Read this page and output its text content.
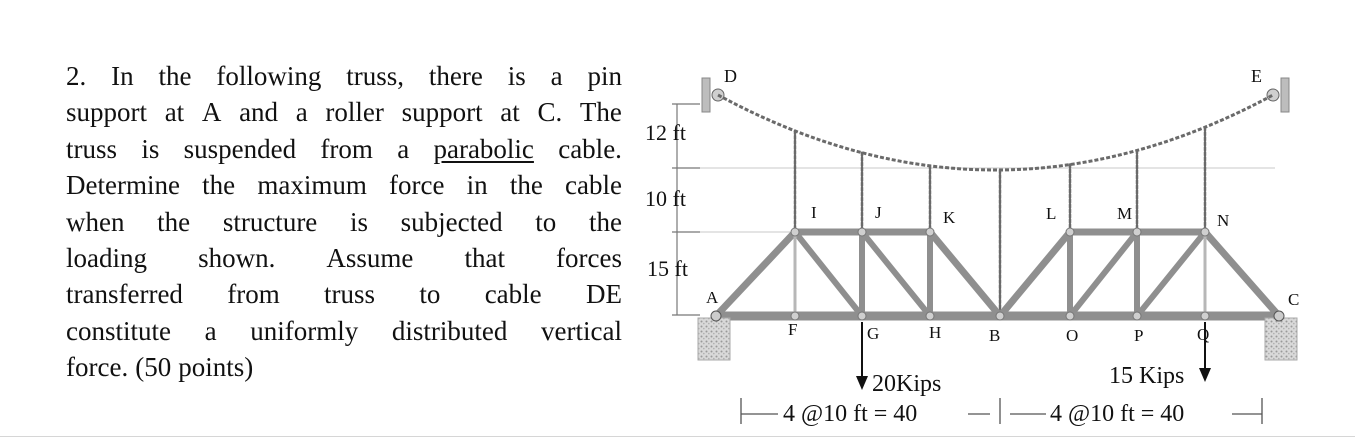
2. In the following truss, there is a pin
support at A and a roller support at C. The
truss is suspended from a parabolic cable.
Determine the maximum force in the cable
when the structure is subjected to the
loading shown. Assume that forces
transferred from truss to cable DE
constitute a uniformly distributed vertical
force. (50 points)
12 ft
10 ft
15 ft
D	E
I	J	K	L	M	N
A
F	G	H	B	O	P	Q
C
20Kips	15 Kips
4 @10 ft = 40	4 @10 ft = 40
